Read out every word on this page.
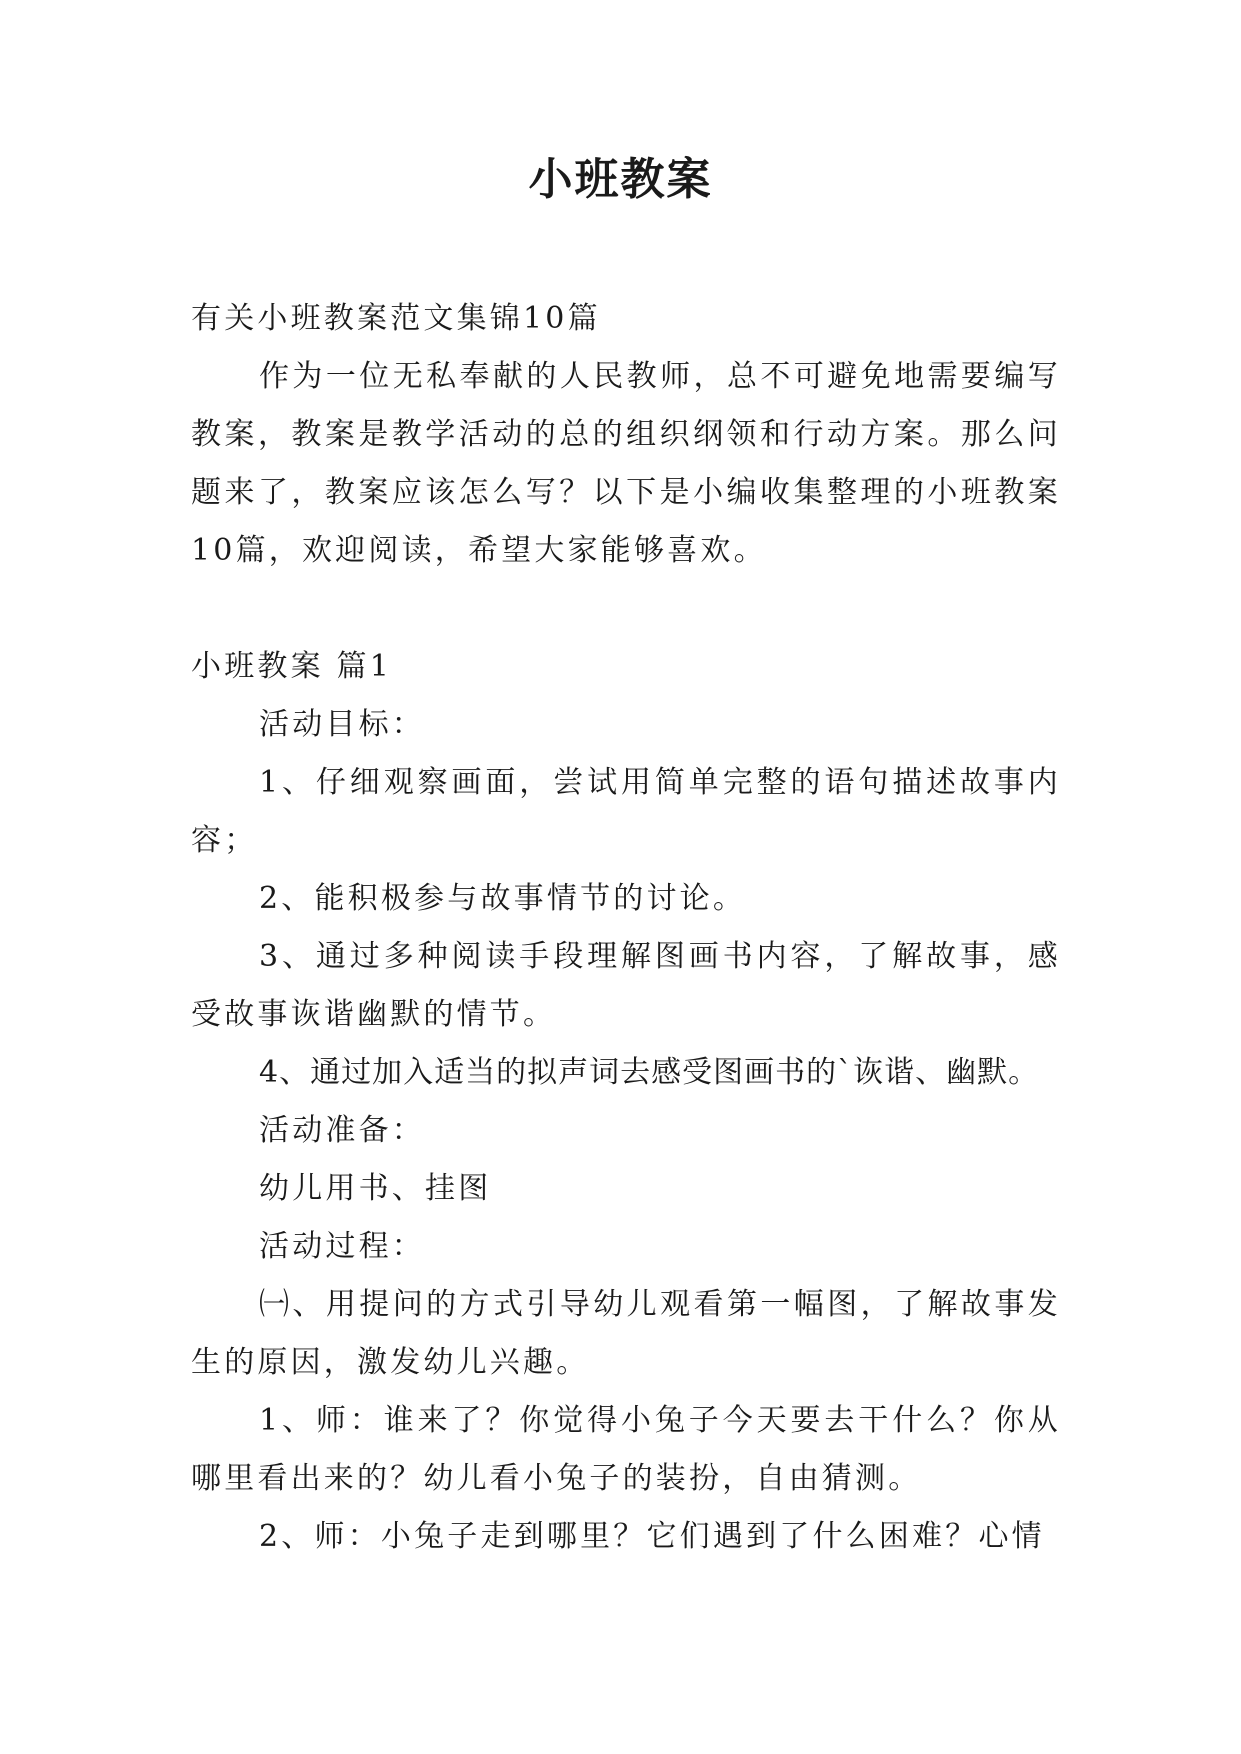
小班教案

有关小班教案范文集锦10篇

作为一位无私奉献的人民教师，总不可避免地需要编写教案，教案是教学活动的总的组织纲领和行动方案。那么问题来了，教案应该怎么写？以下是小编收集整理的小班教案10篇，欢迎阅读，希望大家能够喜欢。

小班教案 篇1

活动目标：

1、仔细观察画面，尝试用简单完整的语句描述故事内容；

2、能积极参与故事情节的讨论。

3、通过多种阅读手段理解图画书内容，了解故事，感受故事诙谐幽默的情节。

4、通过加入适当的拟声词去感受图画书的`诙谐、幽默。

活动准备：

幼儿用书、挂图

活动过程：

㈠、用提问的方式引导幼儿观看第一幅图，了解故事发生的原因，激发幼儿兴趣。

1、师：谁来了？你觉得小兔子今天要去干什么？你从哪里看出来的？幼儿看小兔子的装扮，自由猜测。

2、师：小兔子走到哪里？它们遇到了什么困难？心情
